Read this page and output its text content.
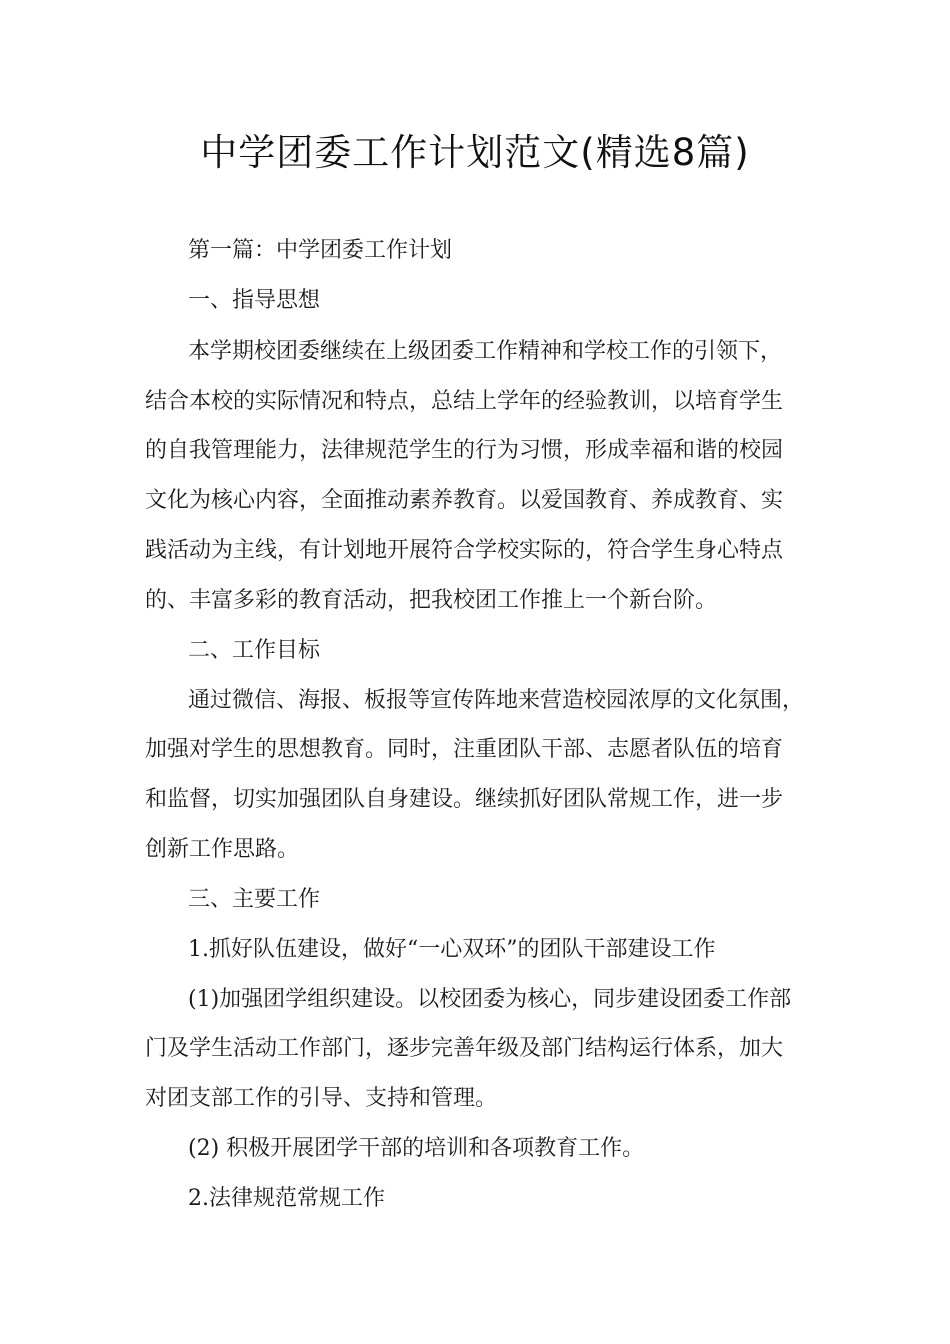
中学团委工作计划范文(精选8篇)
第一篇：中学团委工作计划
一、指导思想
本学期校团委继续在上级团委工作精神和学校工作的引领下，
结合本校的实际情况和特点，总结上学年的经验教训，以培育学生
的自我管理能力，法律规范学生的行为习惯，形成幸福和谐的校园
文化为核心内容，全面推动素养教育。以爱国教育、养成教育、实
践活动为主线，有计划地开展符合学校实际的，符合学生身心特点
的、丰富多彩的教育活动，把我校团工作推上一个新台阶。
二、工作目标
通过微信、海报、板报等宣传阵地来营造校园浓厚的文化氛围，
加强对学生的思想教育。同时，注重团队干部、志愿者队伍的培育
和监督，切实加强团队自身建设。继续抓好团队常规工作，进一步
创新工作思路。
三、主要工作
1.抓好队伍建设，做好“一心双环”的团队干部建设工作
(1)加强团学组织建设。以校团委为核心，同步建设团委工作部
门及学生活动工作部门，逐步完善年级及部门结构运行体系，加大
对团支部工作的引导、支持和管理。
(2) 积极开展团学干部的培训和各项教育工作。
2.法律规范常规工作
